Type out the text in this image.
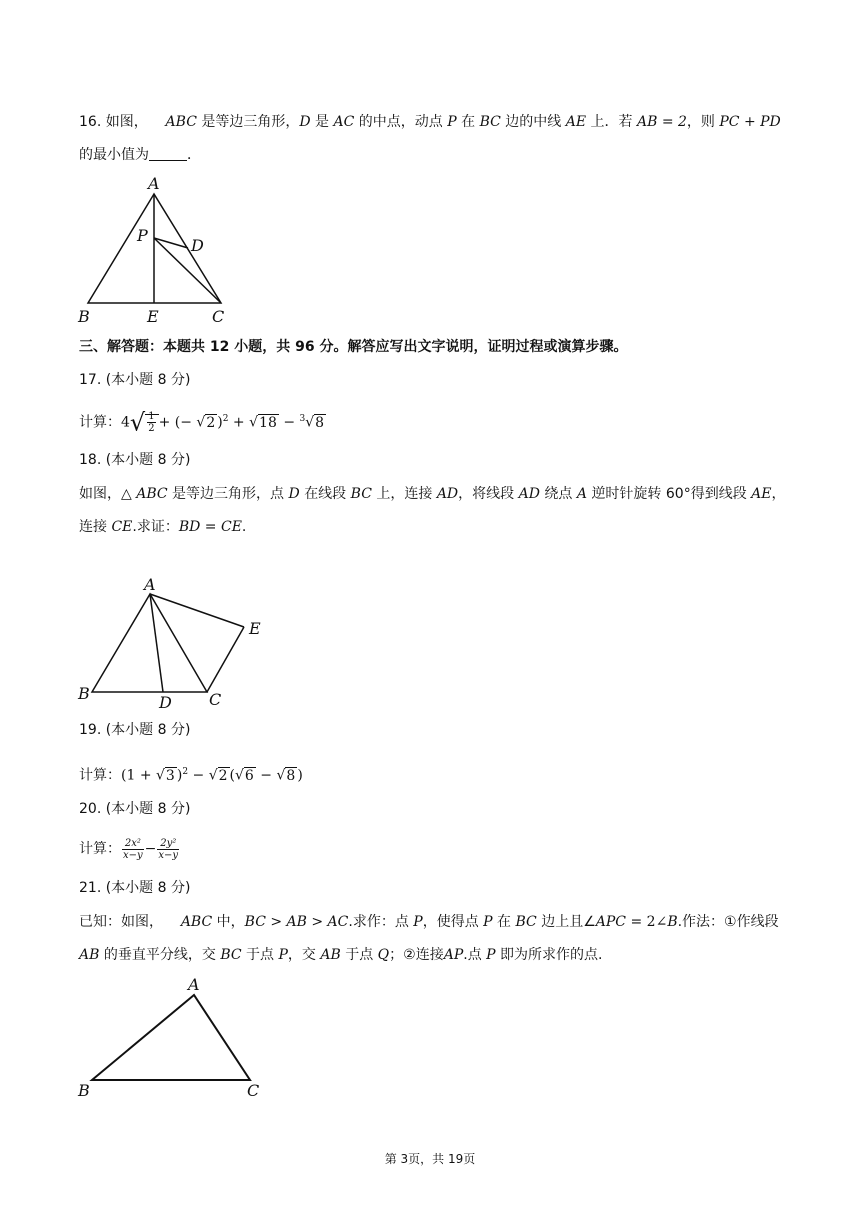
16. 如图， ABC 是等边三角形，D 是 AC 的中点，动点 P 在 BC 边的中线 AE 上．若 AB = 2，则 PC + PD
的最小值为	．
A
B	C
D
E
P
三、解答题：本题共 12 小题，共 96 分。解答应写出文字说明，证明过程或演算步骤。
17. (本小题 8 分)
计算：$4√ \frac{1}{2}$ + (− √2 )$^2$ + √18 − $^3$√8
18. (本小题 8 分)
如图，△ ABC 是等边三角形，点 D 在线段 BC 上，连接 AD，将线段 AD 绕点 A 逆时针旋转 60°得到线段 AE，
连接 CE.求证：BD = CE.
A
B	C
D
E
19. (本小题 8 分)
计算：(1 + √3 )$^2$ − √2 (√6 − √8 )
20. (本小题 8 分)
计算： $\frac{\text{2x²}}{x-y} - \frac{\text{2y²}}{x-y}$
21. (本小题 8 分)
已知：如图， ABC 中，BC > AB > AC.求作：点 P，使得点 P 在 BC 边上且∠APC = 2∠B.作法：①作线段
AB 的垂直平分线，交 BC 于点 P，交 AB 于点 Q；②连接AP.点 P 即为所求作的点.
A
B	C
第 3页，共 19页
